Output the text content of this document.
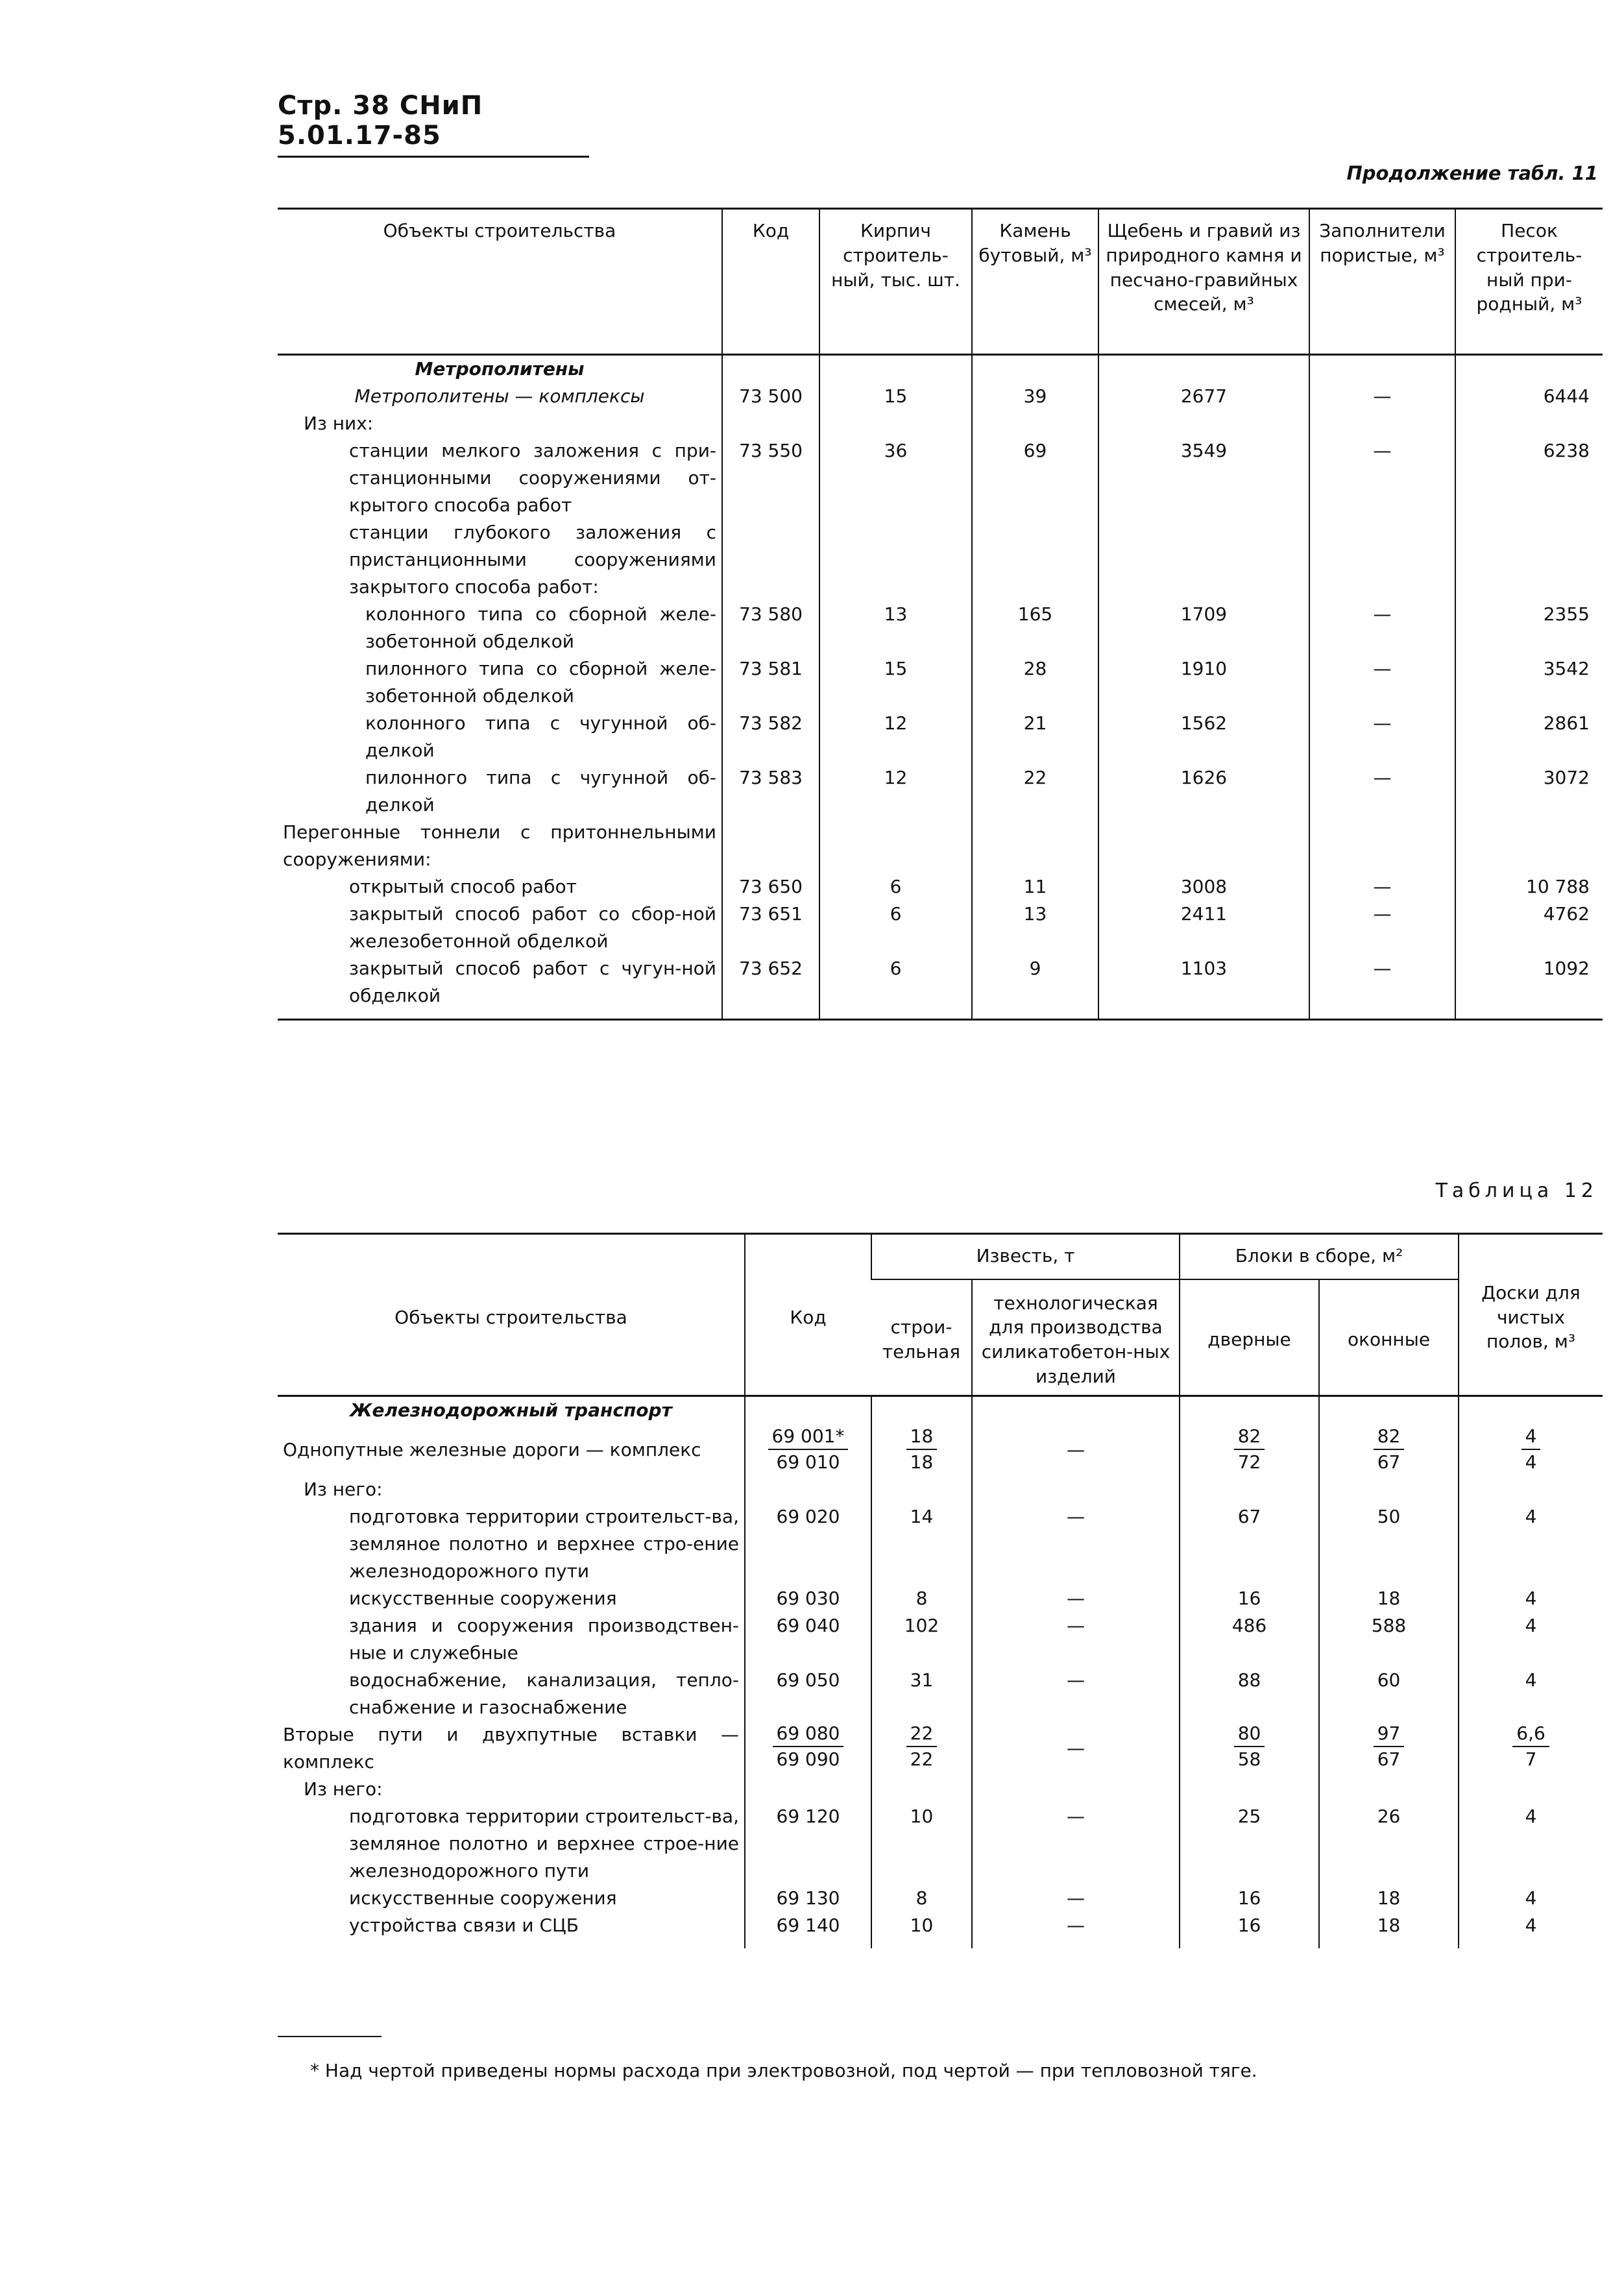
Стр. 38 СНиП 5.01.17-85
Продолжение табл. 11
Объекты строительства	Код	Кирпич строитель-ный, тыс. шт.	Камень бутовый, м³	Щебень и гравий из природного камня и песчано-гравийных смесей, м³	Заполнители пористые, м³	Песок строитель-ный при-родный, м³
Метрополитены						
Метрополитены — комплексы	73 500	15	39	2677	—	6444
Из них:						
станции мелкого заложения с при-станционными сооружениями от-крытого способа работ	73 550	36	69	3549	—	6238
станции глубокого заложения с пристанционными сооружениями закрытого способа работ:						
колонного типа со сборной желе-зобетонной обделкой	73 580	13	165	1709	—	2355
пилонного типа со сборной желе-зобетонной обделкой	73 581	15	28	1910	—	3542
колонного типа с чугунной об-делкой	73 582	12	21	1562	—	2861
пилонного типа с чугунной об-делкой	73 583	12	22	1626	—	3072
Перегонные тоннели с притоннельными сооружениями:						
открытый способ работ	73 650	6	11	3008	—	10 788
закрытый способ работ со сбор-ной железобетонной обделкой	73 651	6	13	2411	—	4762
закрытый способ работ с чугун-ной обделкой	73 652	6	9	1103	—	1092
Таблица 12
Объекты строительства	Код	Известь, т		Блоки в сборе, м²		Доски для чистых полов, м³
		строи-тельная	технологическая для производства силикатобетон-ных изделий	дверные	оконные	
Железнодорожный транспорт						
Однопутные железные дороги — комплекс	$\frac{69 001*}{69 010}$	$\frac{18}{18}$	—	$\frac{82}{72}$	$\frac{82}{67}$	$\frac{4}{4}$

Из него:						
подготовка территории строительст-ва, земляное полотно и верхнее стро-ение железнодорожного пути	69 020	14	—	67	50	4
искусственные сооружения	69 030	8	—	16	18	4
здания и сооружения производствен-ные и служебные	69 040	102	—	486	588	4
водоснабжение, канализация, тепло-снабжение и газоснабжение	69 050	31	—	88	60	4
Вторые пути и двухпутные вставки — комплекс	$\frac{69 080}{69 090}$	$\frac{22}{22}$	—	$\frac{80}{58}$	$\frac{97}{67}$	$\frac{6,6}{7}$

Из него:						
подготовка территории строительст-ва, земляное полотно и верхнее строе-ние железнодорожного пути	69 120	10	—	25	26	4
искусственные сооружения	69 130	8	—	16	18	4
устройства связи и СЦБ	69 140	10	—	16	18	4
* Над чертой приведены нормы расхода при электровозной, под чертой — при тепловозной тяге.
